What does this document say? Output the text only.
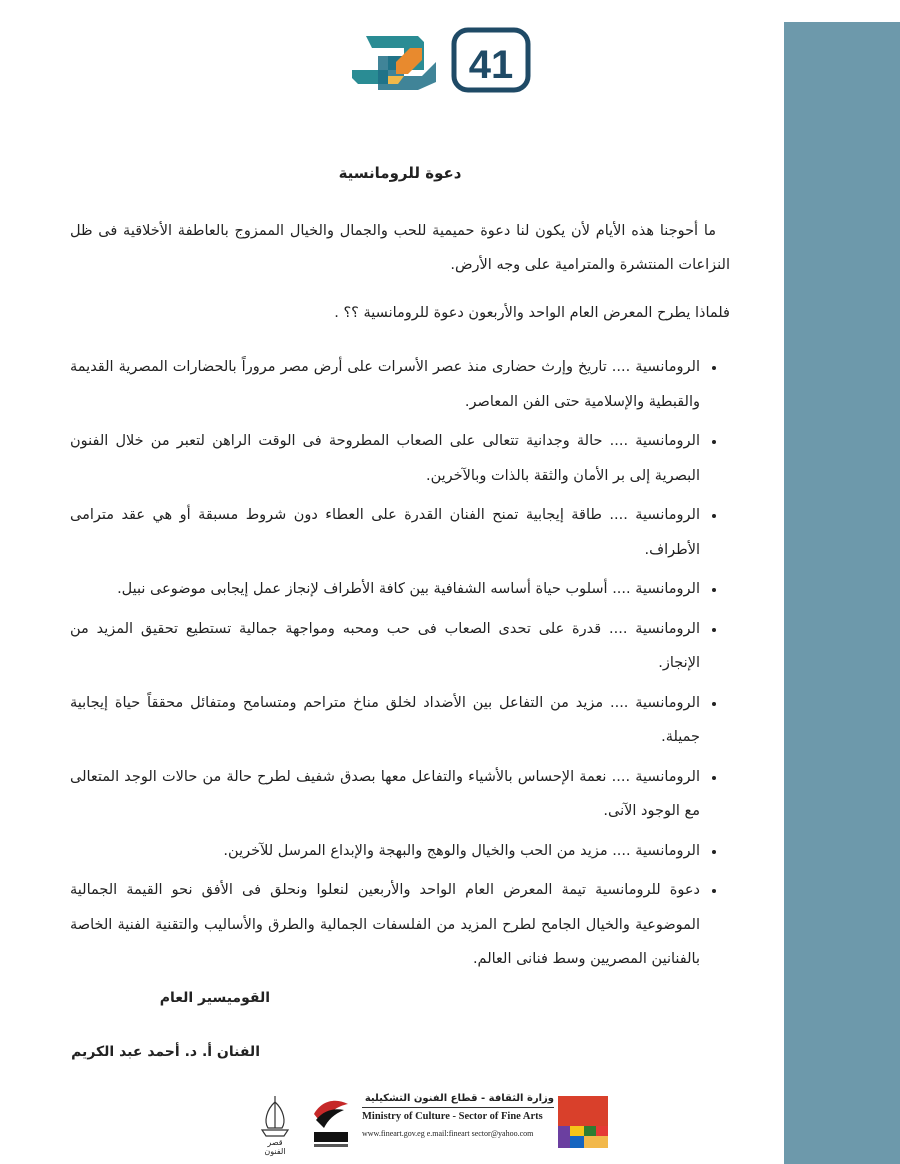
41
دعوة للرومانسية
ما أحوجنا هذه الأيام لأن يكون لنا دعوة حميمية للحب والجمال والخيال الممزوج بالعاطفة الأخلاقية فى ظل النزاعات المنتشرة والمترامية على وجه الأرض.
فلماذا يطرح المعرض العام الواحد والأربعون دعوة للرومانسية ؟؟ .
• الرومانسية .... تاريخ وإرث حضارى منذ عصر الأسرات على أرض مصر مروراً بالحضارات المصرية القديمة والقبطية والإسلامية حتى الفن المعاصر.
• الرومانسية .... حالة وجدانية تتعالى على الصعاب المطروحة فى الوقت الراهن لتعبر من خلال الفنون البصرية إلى بر الأمان والثقة بالذات وبالآخرين.
• الرومانسية .... طاقة إيجابية تمنح الفنان القدرة على العطاء دون شروط مسبقة أو هي عقد مترامى الأطراف.
• الرومانسية .... أسلوب حياة أساسه الشفافية بين كافة الأطراف لإنجاز عمل إيجابى موضوعى نبيل.
• الرومانسية .... قدرة على تحدى الصعاب فى حب ومحبه ومواجهة جمالية تستطيع تحقيق المزيد من الإنجاز.
• الرومانسية .... مزيد من التفاعل بين الأضداد لخلق مناخ متراحم ومتسامح ومتفائل محققاً حياة إيجابية جميلة.
• الرومانسية .... نعمة الإحساس بالأشياء والتفاعل معها بصدق شفيف لطرح حالة من حالات الوجد المتعالى مع الوجود الآنى.
• الرومانسية .... مزيد من الحب والخيال والوهج والبهجة والإبداع المرسل للآخرين.
• دعوة للرومانسية تيمة المعرض العام الواحد والأربعين لنعلوا ونحلق فى الأفق نحو القيمة الجمالية الموضوعية والخيال الجامح لطرح المزيد من الفلسفات الجمالية والطرق والأساليب والتقنية الفنية الخاصة بالفنانين المصريين وسط فنانى العالم.
القوميسير العام
الفنان أ. د. أحمد عبد الكريم
قصر الفنون
وزارة الثقافة - قطاع الفنون التشكيلية
Ministry of Culture - Sector of Fine Arts
www.fineart.gov.eg e.mail:fineart sector@yahoo.com
